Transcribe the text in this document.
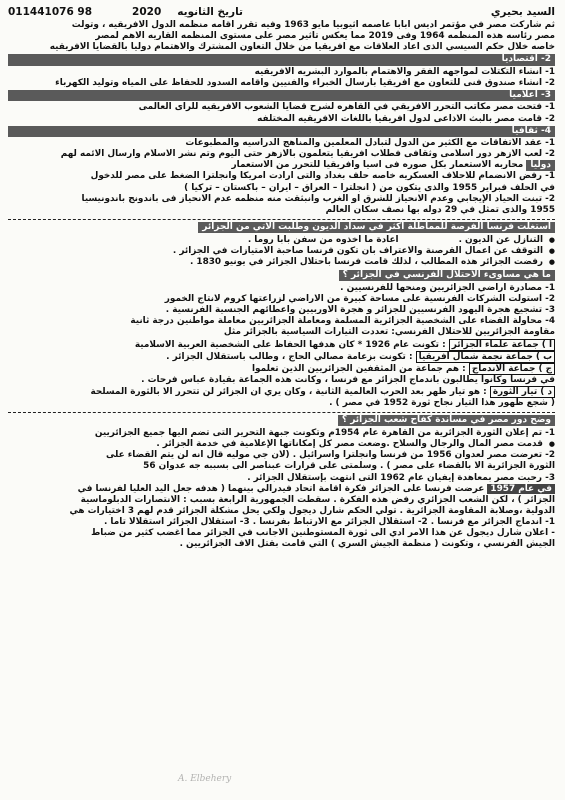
السيد بحيري
تاريخ الثانويه
2020
011441076 98

ثم شاركت مصر في مؤتمر اديس ابابا عاصمه اثيوبيا مايو 1963 وفيه تقرر اقامه منظمه الدول الافريقيه ، وتولت

مصر رئاسه هذه المنظمه 1964 وفى 2019 مما يعكس تاثير مصر على مستوى المنظمه القاريه الاهم لمصر

خاصه خلال حكم السيسي الذى اعاد العلاقات مع افريقيا من خلال التعاون المشترك والاهتمام دوليا بالقضايا الافريقيه

2- اقتصاديا

1- انشاء التكتلات لمواجهه الفقر والاهتمام بالموارد البشريه الافريقيه

2- انشاء صندوق فنى للتعاون مع افريقيا بارسال الخبراء والفنيين واقامه السدود للحفاظ على المياه وتوليد الكهرباء

3- اعلاميا

1- فتحت مصر مكاتب التحرر الافريقي في القاهره لشرح قضايا الشعوب الافريقيه للراى العالمى

2- قامت مصر بالبث الاذاعى لدول افريقيا باللغات الافريقيه المختلفه

4- ثقافيا

1- عقد الاتفاقات مع الكثير من الدول لتبادل المعلمين والمناهج الدراسيه والمطبوعات

2- لعب الازهر دور اسلامى وثقافى فطلاب افريقيا يتعلمون بالازهر حتى اليوم وتم نشر الاسلام وارسال الائمه لهم

دوليا محاربه الاستعمار بكل صوره فى اسيا وافريقيا للتحرر من الاستعمار

1- رفض الانضمام للاحلاف العسكريه خاصه حلف بغداد والتى ارادت امريكا وانجلترا الضغط على مصر للدخول

في الحلف فبراير 1955 والذى يتكون من ( انجلترا – العراق – ايران – باكستان – تركيا )

2- تبنت الحياد الإيجابي وعدم الانحياز للشرق او الغرب وانبثقت منه منظمه عدم الانحياز فى باندونج باندونيسيا

1955 والذى تمثل في 29 دوله بها نصف سكان العالم

استغلت فرنسا الفرصة للمماطلة اكثر في سداد الديون وطلبت الاتي من الجزائر
● التنازل عن الديون .
اعادة ما اخذوه من سفن بابا روما .

● التوقف عن اعمال القرصنة والاعتراف بأن تكون فرنسا صاحبة الامتيازات في الجزائر .

● رفضت الجزائر هذه المطالب ، لذلك قامت فرنسا باحتلال الجزائر في يونيو 1830 .

ما هي مساوىء الاحتلال الفرنسي في الجزائر ؟

1- مصادرة اراضي الجزائريين ومنحها للفرنسيين .

2- استولت الشركات الفرنسية على مساحة كبيرة من الاراضي لزراعتها كروم لانتاج الخمور

3- تشجيع هجرة اليهود الفرنسيين للجزائر و هجرة الاوربيين واعطائهم الجنسية الفرنسية .

4- محاولة القضاء على الشخصية الجزائرية المسلمة ومعاملة الجزائريين معاملة مواطنين درجة ثانية

مقاومة الجزائريين للاحتلال الفرنسي: تعددت التيارات السياسية بالجزائر مثل

أ ) جماعة علماء الجزائر : تكونت عام 1926 * كان هدفها الحفاظ على الشخصية العربية الاسلامية

ب ) جماعة نجمة شمال أفريقيا : تكونت بزعامة مصالي الحاج ، وطالب باستقلال الجزائر .

ج ) جماعة الاندماج : هم جماعة من المثقفين الجزائريين الذين تعلموا

في فرنسا وكانوا يطالبون باندماج الجزائر مع فرنسا ، وكانت هذه الجماعة بقيادة عباس فرحات .

د ) تيار الثورة : هو تيار ظهر بعد الحرب العالمية الثانية ، وكان يري ان الجزائر لن تتحرر الا بالثورة المسلحة

( شجع ظهور هذا التيار نجاح ثورة 1952 في مصر ) .

وضح دور مصر في مساندة كفاح شعب الجزائر ؟

1- تم إعلان الثورة الجزائرية من القاهرة عام 1954م وتكونت جبهة التحرير التى تضم اليها جميع الجزائريين

● قدمت مصر المال والرجال والسلاح .وضعت مصر كل إمكاناتها الإعلامية في خدمة الجزائر .

2- تعرضت مصر لعدوان 1956 من فرنسا وانجلترا واسرائيل . (لان جي موليه قال انه لن يتم القضاء على

الثورة الجزائرية الا بالقضاء على مصر ) . وسلمتى على قرارات عبناصر الى بسببه جه عدوان 56

3- رحبت مصر بمعاهدة إيفيان عام 1962 التى انتهت بإستقلال الجزائر .

في عام 1957 عرضت فرنسا على الجزائر فكرة اقامة اتحاد فيدرالي بينهما ( هدفه جعل اليد العليا لفرنسا في

الجزائر ) ، لكن الشعب الجزائري رفض هذه الفكرة . سقطت الجمهورية الرابعة بسبب : الانتصارات الدبلوماسية

الدولية ،وصلابة المقاومة الجزائرية . تولي الحكم شارل ديجول ولكي يحل مشكلة الجزائر قدم لهم 3 اختيارات هي

1- اندماج الجزائر مع فرنسا . 2- استقلال الجزائر مع الارتباط بفرنسا . 3- استقلال الجزائر استقلالا تاما .

- اعلان شارل ديجول عن هذا الأمر ادي الى ثورة المستوطنين الاجانب في الجزائر مما اغضب كثير من ضباط

الجيش الفرنسي ، وتكونت ( منظمة الجيش السري ) التي قامت بقتل آلاف الجزائريين .

A. Elbehery
